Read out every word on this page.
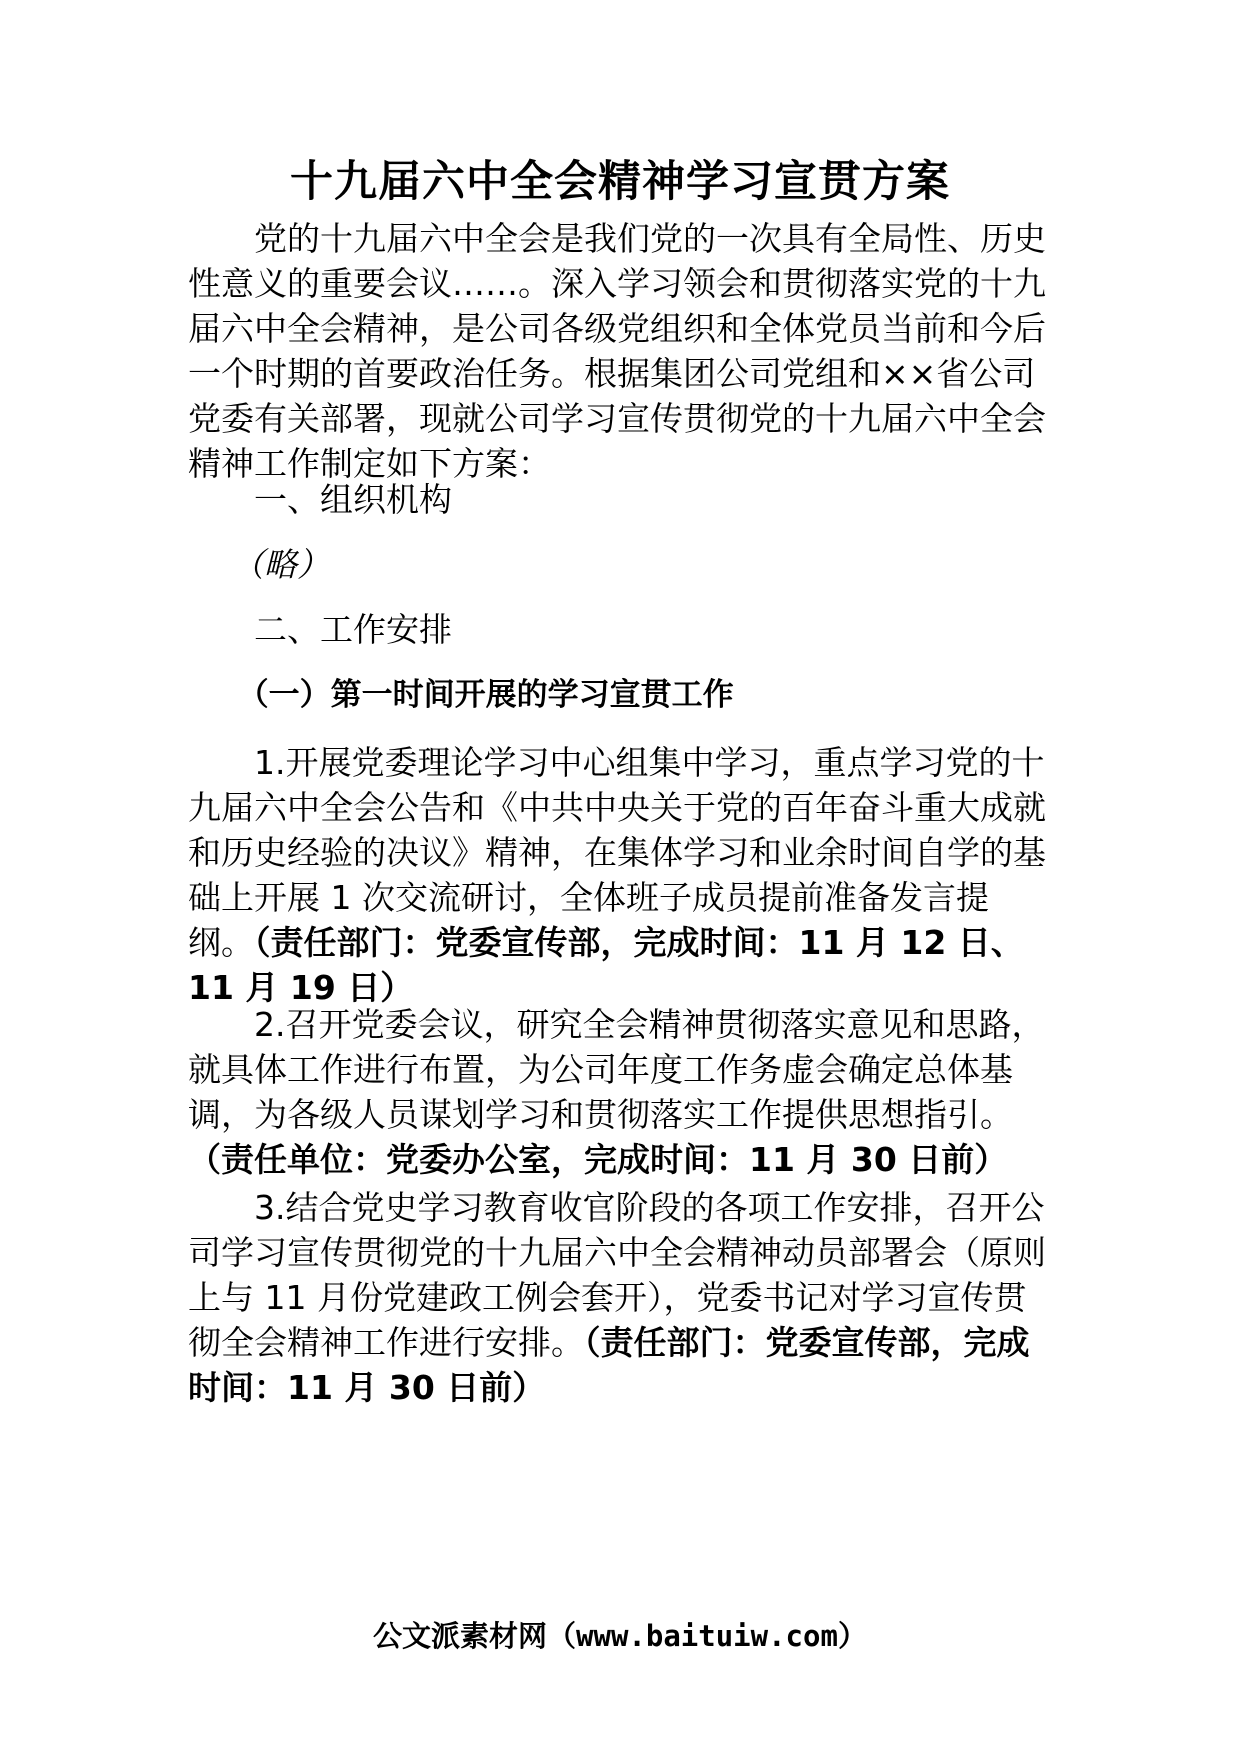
十九届六中全会精神学习宣贯方案

党的十九届六中全会是我们党的一次具有全局性、历史性意义的重要会议……。深入学习领会和贯彻落实党的十九届六中全会精神，是公司各级党组织和全体党员当前和今后一个时期的首要政治任务。根据集团公司党组和××省公司党委有关部署，现就公司学习宣传贯彻党的十九届六中全会精神工作制定如下方案：

一、组织机构

（略）

二、工作安排

（一）第一时间开展的学习宣贯工作

1.开展党委理论学习中心组集中学习，重点学习党的十九届六中全会公告和《中共中央关于党的百年奋斗重大成就和历史经验的决议》精神，在集体学习和业余时间自学的基础上开展 1 次交流研讨，全体班子成员提前准备发言提纲。（责任部门：党委宣传部，完成时间：11 月 12 日、11 月 19 日）

2.召开党委会议，研究全会精神贯彻落实意见和思路，就具体工作进行布置，为公司年度工作务虚会确定总体基调，为各级人员谋划学习和贯彻落实工作提供思想指引。（责任单位：党委办公室，完成时间：11 月 30 日前）

3.结合党史学习教育收官阶段的各项工作安排，召开公司学习宣传贯彻党的十九届六中全会精神动员部署会（原则上与 11 月份党建政工例会套开），党委书记对学习宣传贯彻全会精神工作进行安排。（责任部门：党委宣传部，完成时间：11 月 30 日前）

公文派素材网（www.baituiw.com）
